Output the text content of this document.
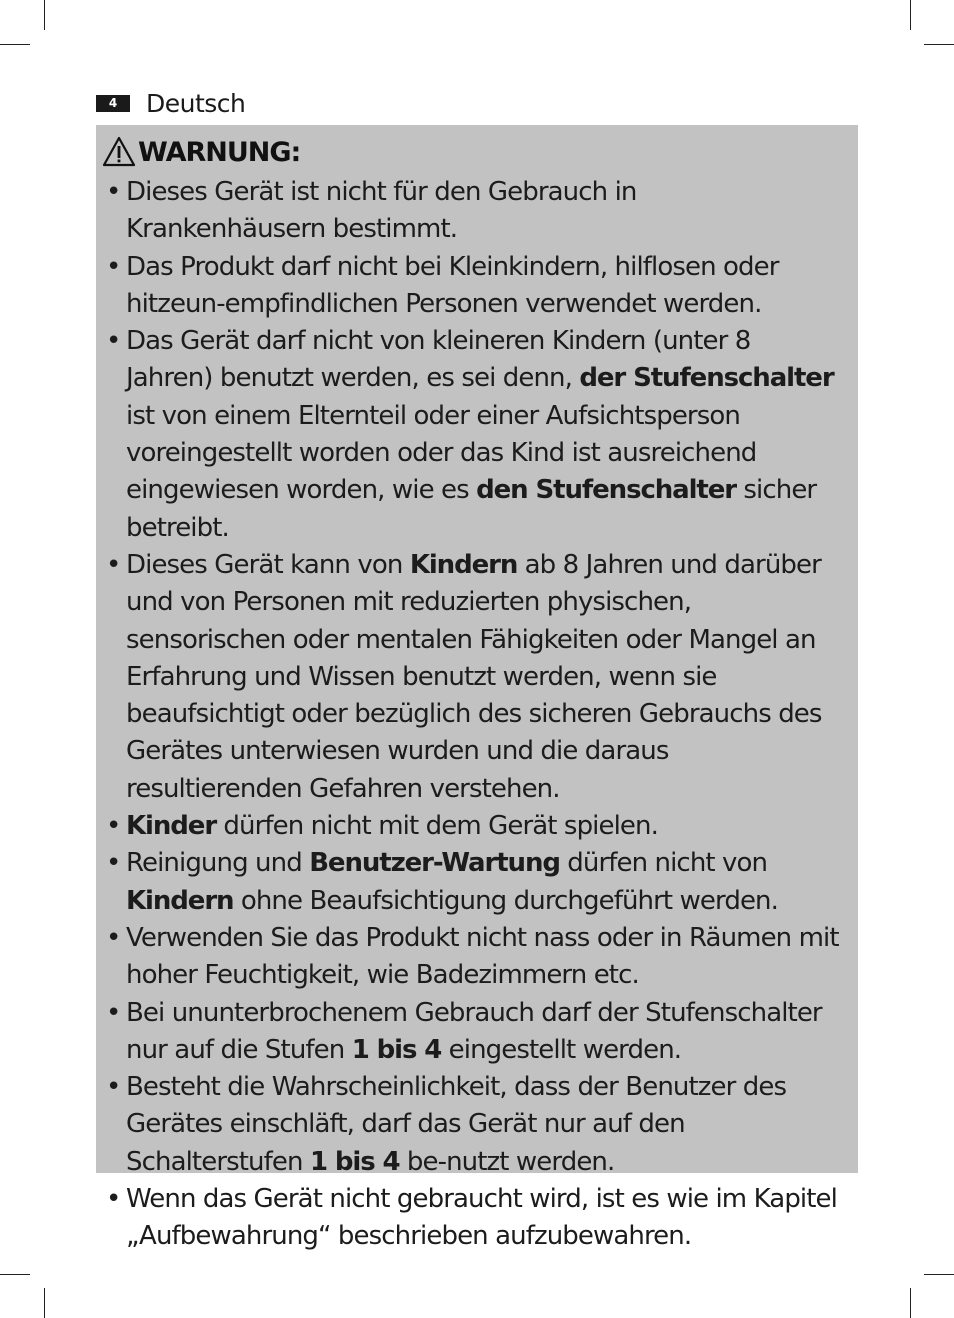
4	Deutsch
WARNUNG:
• Dieses Gerät ist nicht für den Gebrauch in Krankenhäusern bestimmt.
• Das Produkt darf nicht bei Kleinkindern, hilflosen oder hitzeun-empfindlichen Personen verwendet werden.
• Das Gerät darf nicht von kleineren Kindern (unter 8 Jahren) benutzt werden, es sei denn, der Stufenschalter ist von einem Elternteil oder einer Aufsichtsperson voreingestellt worden oder das Kind ist ausreichend eingewiesen worden, wie es den Stufenschalter sicher betreibt.
• Dieses Gerät kann von Kindern ab 8 Jahren und darüber und von Personen mit reduzierten physischen, sensorischen oder mentalen Fähigkeiten oder Mangel an Erfahrung und Wissen benutzt werden, wenn sie beaufsichtigt oder bezüglich des sicheren Gebrauchs des Gerätes unterwiesen wurden und die daraus resultierenden Gefahren verstehen.
• Kinder dürfen nicht mit dem Gerät spielen.
• Reinigung und Benutzer-Wartung dürfen nicht von Kindern ohne Beaufsichtigung durchgeführt werden.
• Verwenden Sie das Produkt nicht nass oder in Räumen mit hoher Feuchtigkeit, wie Badezimmern etc.
• Bei ununterbrochenem Gebrauch darf der Stufenschalter nur auf die Stufen 1 bis 4 eingestellt werden.
• Besteht die Wahrscheinlichkeit, dass der Benutzer des Gerätes einschläft, darf das Gerät nur auf den Schalterstufen 1 bis 4 be-nutzt werden.
• Wenn das Gerät nicht gebraucht wird, ist es wie im Kapitel „Aufbewahrung“ beschrieben aufzubewahren.
